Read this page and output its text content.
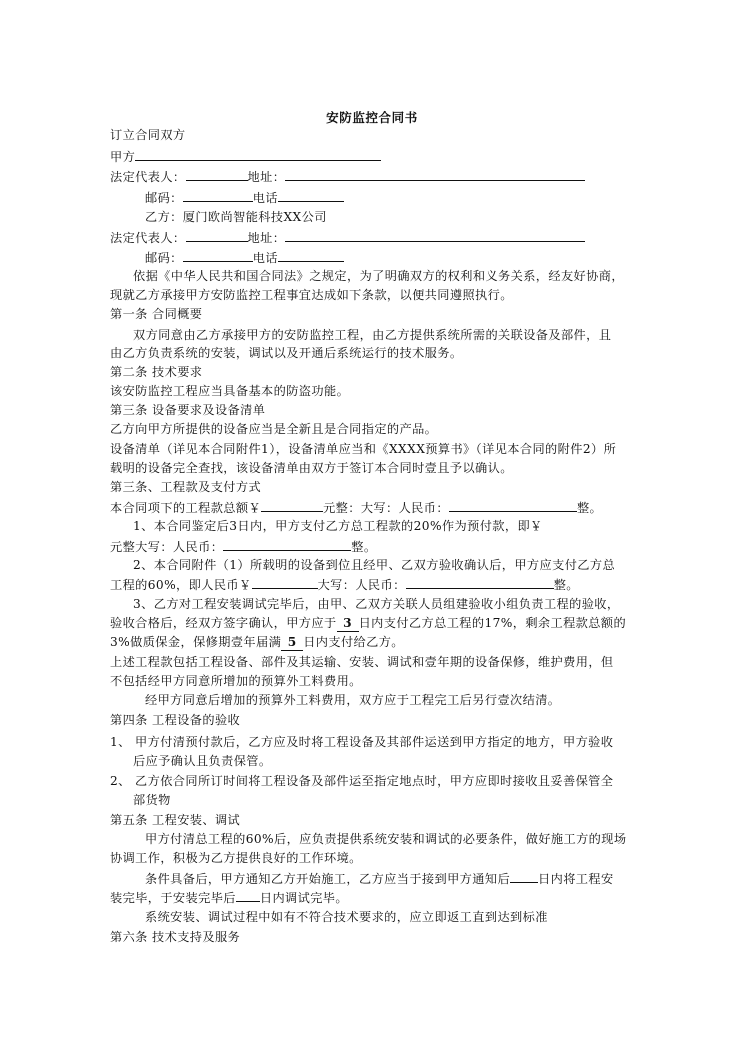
安防监控合同书
订立合同双方
甲方
法定代表人：	地址：
邮码：	电话
乙方：厦门欧尚智能科技XX公司
法定代表人：	地址：
邮码：	电话
依据《中华人民共和国合同法》之规定，为了明确双方的权利和义务关系，经友好协商，
现就乙方承接甲方安防监控工程事宜达成如下条款，以便共同遵照执行。
第一条 合同概要
双方同意由乙方承接甲方的安防监控工程，由乙方提供系统所需的关联设备及部件，且
由乙方负责系统的安装，调试以及开通后系统运行的技术服务。
第二条 技术要求
该安防监控工程应当具备基本的防盗功能。
第三条 设备要求及设备清单
乙方向甲方所提供的设备应当是全新且是合同指定的产品。
设备清单（详见本合同附件1），设备清单应当和《XXXX预算书》（详见本合同的附件2）所
载明的设备完全查找，该设备清单由双方于签订本合同时壹且予以确认。
第三条、工程款及支付方式
本合同项下的工程款总额￥	元整：大写：人民币：	整。
1、本合同鉴定后3日内，甲方支付乙方总工程款的20%作为预付款，即￥
元整大写：人民币：	整。
2、本合同附件（1）所载明的设备到位且经甲、乙双方验收确认后，甲方应支付乙方总
工程的60%，即人民币￥	大写：人民币：	整。
3、乙方对工程安装调试完毕后，由甲、乙双方关联人员组建验收小组负责工程的验收，
验收合格后，经双方签字确认，甲方应于 3 日内支付乙方总工程的17%，剩余工程款总额的
3%做质保金，保修期壹年届满 5 日内支付给乙方。
上述工程款包括工程设备、部件及其运输、安装、调试和壹年期的设备保修，维护费用，但
不包括经甲方同意所增加的预算外工料费用。
经甲方同意后增加的预算外工料费用，双方应于工程完工后另行壹次结清。
第四条 工程设备的验收
1、 甲方付清预付款后，乙方应及时将工程设备及其部件运送到甲方指定的地方，甲方验收
后应予确认且负责保管。
2、 乙方依合同所订时间将工程设备及部件运至指定地点时，甲方应即时接收且妥善保管全
部货物
第五条 工程安装、调试
甲方付清总工程的60%后，应负责提供系统安装和调试的必要条件，做好施工方的现场
协调工作，积极为乙方提供良好的工作环境。
条件具备后，甲方通知乙方开始施工，乙方应当于接到甲方通知后 日内将工程安
装完毕，于安装完毕后 日内调试完毕。
系统安装、调试过程中如有不符合技术要求的，应立即返工直到达到标准
第六条 技术支持及服务
